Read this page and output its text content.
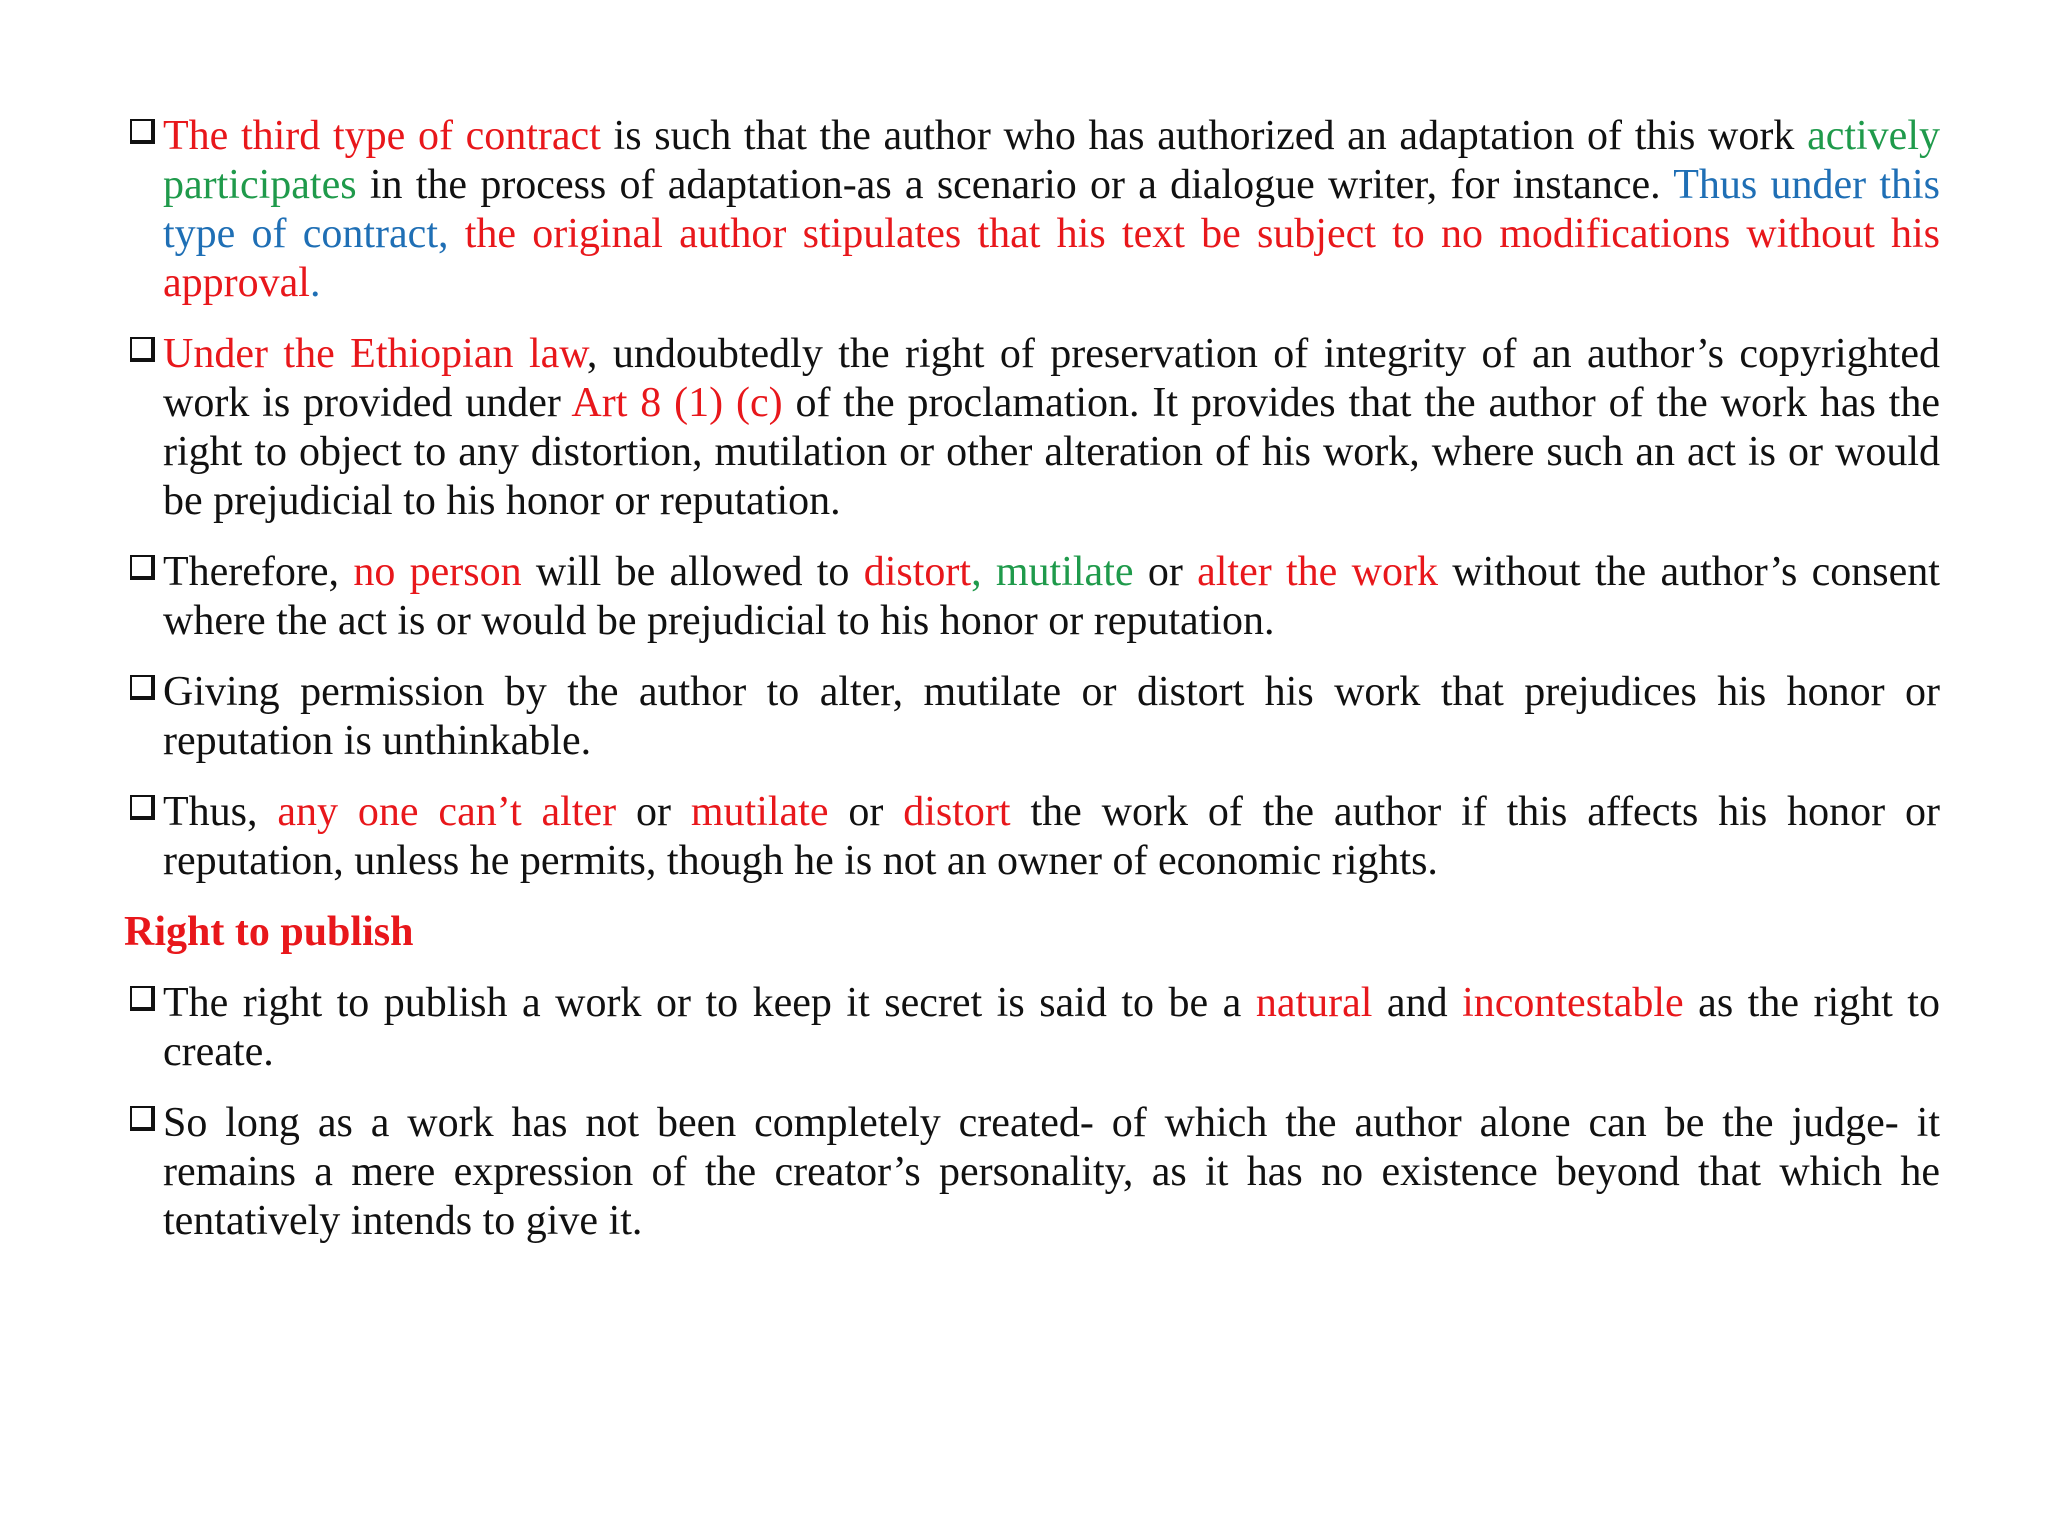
The third type of contract is such that the author who has authorized an adaptation of this work actively participates in the process of adaptation-as a scenario or a dialogue writer, for instance. Thus under this type of contract, the original author stipulates that his text be subject to no modifications without his approval.
Under the Ethiopian law, undoubtedly the right of preservation of integrity of an author’s copyrighted work is provided under Art 8 (1) (c) of the proclamation. It provides that the author of the work has the right to object to any distortion, mutilation or other alteration of his work, where such an act is or would be prejudicial to his honor or reputation.
Therefore, no person will be allowed to distort, mutilate or alter the work without the author’s consent where the act is or would be prejudicial to his honor or reputation.
Giving permission by the author to alter, mutilate or distort his work that prejudices his honor or reputation is unthinkable.
Thus, any one can’t alter or mutilate or distort the work of the author if this affects his honor or reputation, unless he permits, though he is not an owner of economic rights.
Right to publish
The right to publish a work or to keep it secret is said to be a natural and incontestable as the right to create.
So long as a work has not been completely created- of which the author alone can be the judge- it remains a mere expression of the creator’s personality, as it has no existence beyond that which he tentatively intends to give it.
